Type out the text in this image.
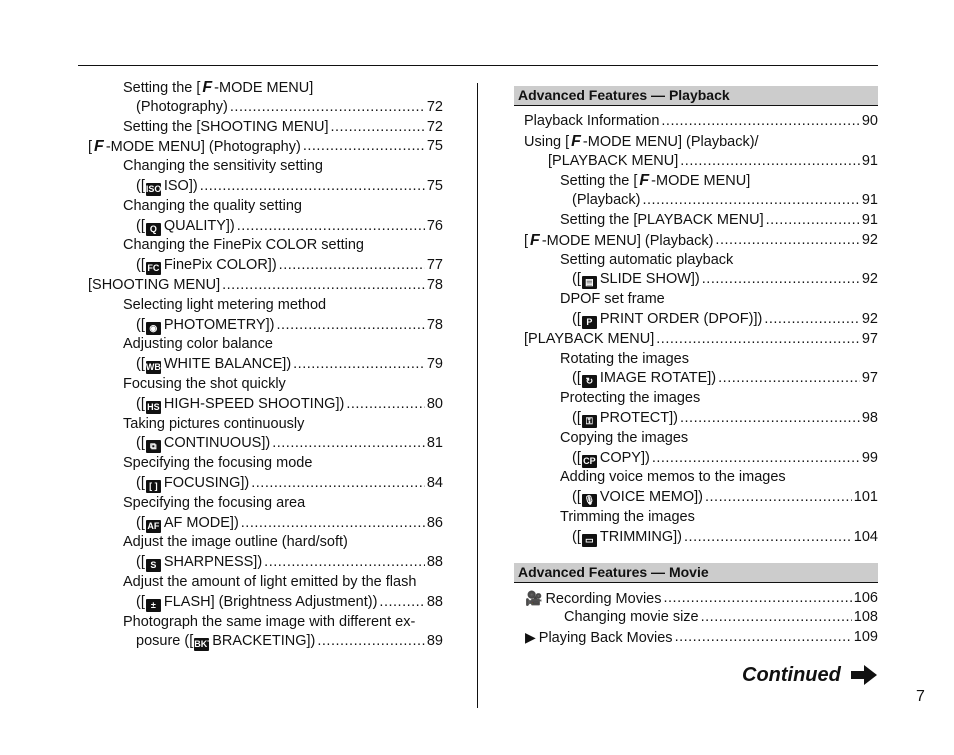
Setting the [ F -MODE MENU]
(Photography) .....	72
Setting the [SHOOTING MENU] .....	72
[ F -MODE MENU] (Photography) .....	75
Changing the sensitivity setting
([ISO ISO]) .....	75
Changing the quality setting
([ Q QUALITY]) .....	76
Changing the FinePix COLOR setting
([ FC FinePix COLOR]) .....	77
[SHOOTING MENU] .....	78
Selecting light metering method
([ ◉ PHOTOMETRY]) .....	78
Adjusting color balance
([WB WHITE BALANCE]) .....	79
Focusing the shot quickly
([ HS HIGH-SPEED SHOOTING]) .....	80
Taking pictures continuously
([ ⧉ CONTINUOUS]) .....	81
Specifying the focusing mode
([ [ ] FOCUSING]) .....	84
Specifying the focusing area
([ AF AF MODE]) .....	86
Adjust the image outline (hard/soft)
([ S SHARPNESS]) .....	88
Adjust the amount of light emitted by the flash
([ ± FLASH] (Brightness Adjustment)) .....	88
Photograph the same image with different ex-
posure ([BKTBRACKETING]) .....	89
Advanced Features — Playback
Playback Information .....	90
Using [ F -MODE MENU] (Playback)/
[PLAYBACK MENU] .....	91
Setting the [ F -MODE MENU]
(Playback) .....	91
Setting the [PLAYBACK MENU] .....	91
[ F -MODE MENU] (Playback) .....	92
Setting automatic playback
([ ▤ SLIDE SHOW]) .....	92
DPOF set frame
([ P PRINT ORDER (DPOF)]) .....	92
[PLAYBACK MENU] .....	97
Rotating the images
([ ↻ IMAGE ROTATE]) .....	97
Protecting the images
([ ⚿ PROTECT]) .....	98
Copying the images
([ CP COPY]) .....	99
Adding voice memos to the images
([ 🎙 VOICE MEMO]) .....	101
Trimming the images
([ ▭ TRIMMING]) .....	104
Advanced Features — Movie
🎥 Recording Movies .....	106
Changing movie size .....	108
▶ Playing Back Movies .....	109
Continued
7
